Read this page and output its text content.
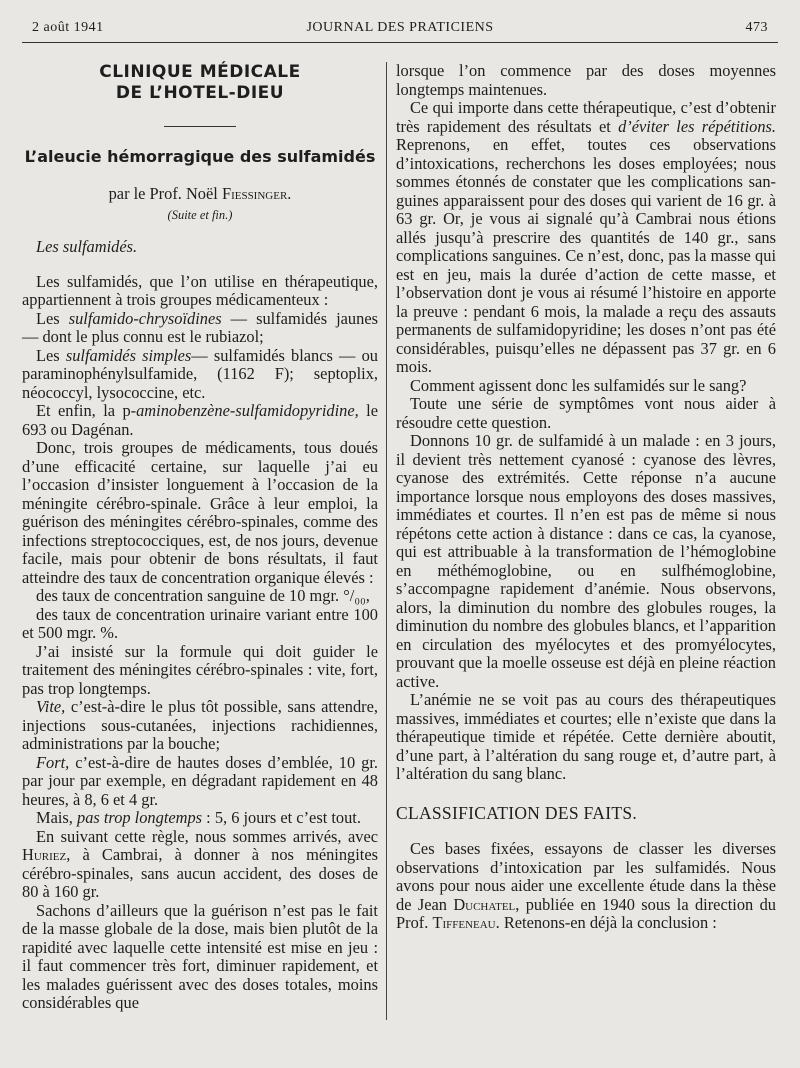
2 août 1941	JOURNAL DES PRATICIENS	473
CLINIQUE MÉDICALE
DE L’HOTEL-DIEU
L’aleucie hémorragique des sulfamidés
par le Prof. Noël Fiessinger.
(Suite et fin.)
Les sulfamidés.

Les sulfamidés, que l’on utilise en thérapeutique, appartiennent à trois groupes médicamenteux :

Les sulfamido-chrysoïdines — sulfamidés jaunes — dont le plus connu est le rubiazol;

Les sulfamidés simples— sulfamidés blancs — ou paraminophénylsulfamide, (1162 F); septoplix, néococcyl, lysococcine, etc.

Et enfin, la p-aminobenzène-sulfamidopyridine, le 693 ou Dagénan.

Donc, trois groupes de médicaments, tous doués d’une efficacité certaine, sur laquelle j’ai eu l’occasion d’insister longuement à l’occasion de la méningite cérébro-spinale. Grâce à leur emploi, la guérison des méningites cérébro-spinales, comme des infections streptococciques, est, de nos jours, devenue facile, mais pour obtenir de bons résultats, il faut atteindre des taux de concentration organique élevés :

des taux de concentration sanguine de 10 mgr. °/₀₀,

des taux de concentration urinaire variant entre 100 et 500 mgr. %.

J’ai insisté sur la formule qui doit guider le traitement des méningites cérébro-spinales : vite, fort, pas trop longtemps.

Vite, c’est-à-dire le plus tôt possible, sans attendre, injections sous-cutanées, injections rachidiennes, administrations par la bouche;

Fort, c’est-à-dire de hautes doses d’emblée, 10 gr. par jour par exemple, en dégradant rapidement en 48 heures, à 8, 6 et 4 gr.

Mais, pas trop longtemps : 5, 6 jours et c’est tout.

En suivant cette règle, nous sommes arrivés, avec Huriez, à Cambrai, à donner à nos méningites cérébro-spinales, sans aucun accident, des doses de 80 à 160 gr.

Sachons d’ailleurs que la guérison n’est pas le fait de la masse globale de la dose, mais bien plutôt de la rapidité avec laquelle cette intensité est mise en jeu : il faut commencer très fort, diminuer rapidement, et les malades guérissent avec des doses totales, moins considérables que

lorsque l’on commence par des doses moyennes longtemps maintenues.

Ce qui importe dans cette thérapeutique, c’est d’obtenir très rapidement des résultats et d’éviter les répétitions. Reprenons, en effet, toutes ces observations d’intoxications, recherchons les doses employées; nous sommes étonnés de constater que les complications sanguines apparaissent pour des doses qui varient de 16 gr. à 63 gr. Or, je vous ai signalé qu’à Cambrai nous étions allés jusqu’à prescrire des quantités de 140 gr., sans complications sanguines. Ce n’est, donc, pas la masse qui est en jeu, mais la durée d’action de cette masse, et l’observation dont je vous ai résumé l’histoire en apporte la preuve : pendant 6 mois, la malade a reçu des assauts permanents de sulfamidopyridine; les doses n’ont pas été considérables, puisqu’elles ne dépassent pas 37 gr. en 6 mois.

Comment agissent donc les sulfamidés sur le sang?

Toute une série de symptômes vont nous aider à résoudre cette question.

Donnons 10 gr. de sulfamidé à un malade : en 3 jours, il devient très nettement cyanosé : cyanose des lèvres, cyanose des extrémités. Cette réponse n’a aucune importance lorsque nous employons des doses massives, immédiates et courtes. Il n’en est pas de même si nous répétons cette action à distance : dans ce cas, la cyanose, qui est attribuable à la transformation de l’hémoglobine en méthémoglobine, ou en sulfhémoglobine, s’accompagne rapidement d’anémie. Nous observons, alors, la diminution du nombre des globules rouges, la diminution du nombre des globules blancs, et l’apparition en circulation des myélocytes et des promyélocytes, prouvant que la moelle osseuse est déjà en pleine réaction active.

L’anémie ne se voit pas au cours des thérapeutiques massives, immédiates et courtes; elle n’existe que dans la thérapeutique timide et répétée. Cette dernière aboutit, d’une part, à l’altération du sang rouge et, d’autre part, à l’altération du sang blanc.

CLASSIFICATION DES FAITS.

Ces bases fixées, essayons de classer les diverses observations d’intoxication par les sulfamidés. Nous avons pour nous aider une excellente étude dans la thèse de Jean Duchatel, publiée en 1940 sous la direction du Prof. Tiffeneau. Retenons-en déjà la conclusion :
